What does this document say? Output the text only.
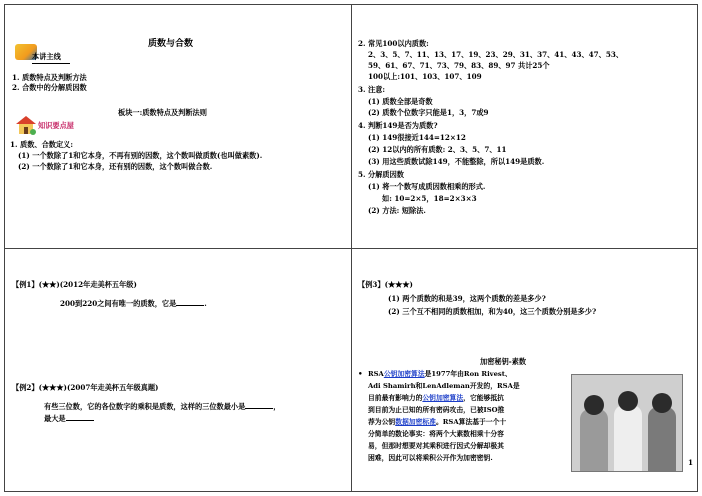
质数与合数
本讲主线
1. 质数特点及判断方法
2. 合数中的分解质因数
板块一:质数特点及判断法则
知识要点屋
1. 质数、合数定义:
(1) 一个数除了1和它本身，不再有别的因数，这个数叫做质数(也叫做素数).
(2) 一个数除了1和它本身，还有别的因数，这个数叫做合数.
2. 常见100以内质数:
2、3、5、7、11、13、17、19、23、29、31、37、41、43、47、53、
59、61、67、71、73、79、83、89、97 共计25个
100以上:101、103、107、109
3. 注意:
(1) 质数全部是奇数
(2) 质数个位数字只能是1，3，7或9
4. 判断149是否为质数?
(1) 149很接近144=12×12
(2) 12以内的所有质数: 2、3、5、7、11
(3) 用这些质数试除149，不能整除，所以149是质数.
5. 分解质因数
(1) 将一个数写成质因数相乘的形式.
如: 10=2×5，18=2×3×3
(2) 方法: 短除法.
【例1】(★★)(2012年走美杯五年级)
200到220之间有唯一的质数，它是	.
【例2】(★★★)(2007年走美杯五年级真题)
有些三位数，它的各位数字的乘积是质数，这样的三位数最小是	，
最大是
【例3】(★★★)
(1) 两个质数的和是39，这两个质数的差是多少?
(2) 三个互不相同的质数相加，和为40，这三个质数分别是多少?
加密秘钥-素数
• RSA公钥加密算法是1977年由Ron Rivest、
Adi Shamirh和LenAdleman开发的，RSA是
目前最有影响力的公钥加密算法，它能够抵抗
到目前为止已知的所有密码攻击，已被ISO推
荐为公钥数据加密标准。RSA算法基于一个十
分简单的数论事实：将两个大素数相乘十分容
易，但那时想要对其乘积进行因式分解却极其
困难，因此可以将乘积公开作为加密密钥.	1
